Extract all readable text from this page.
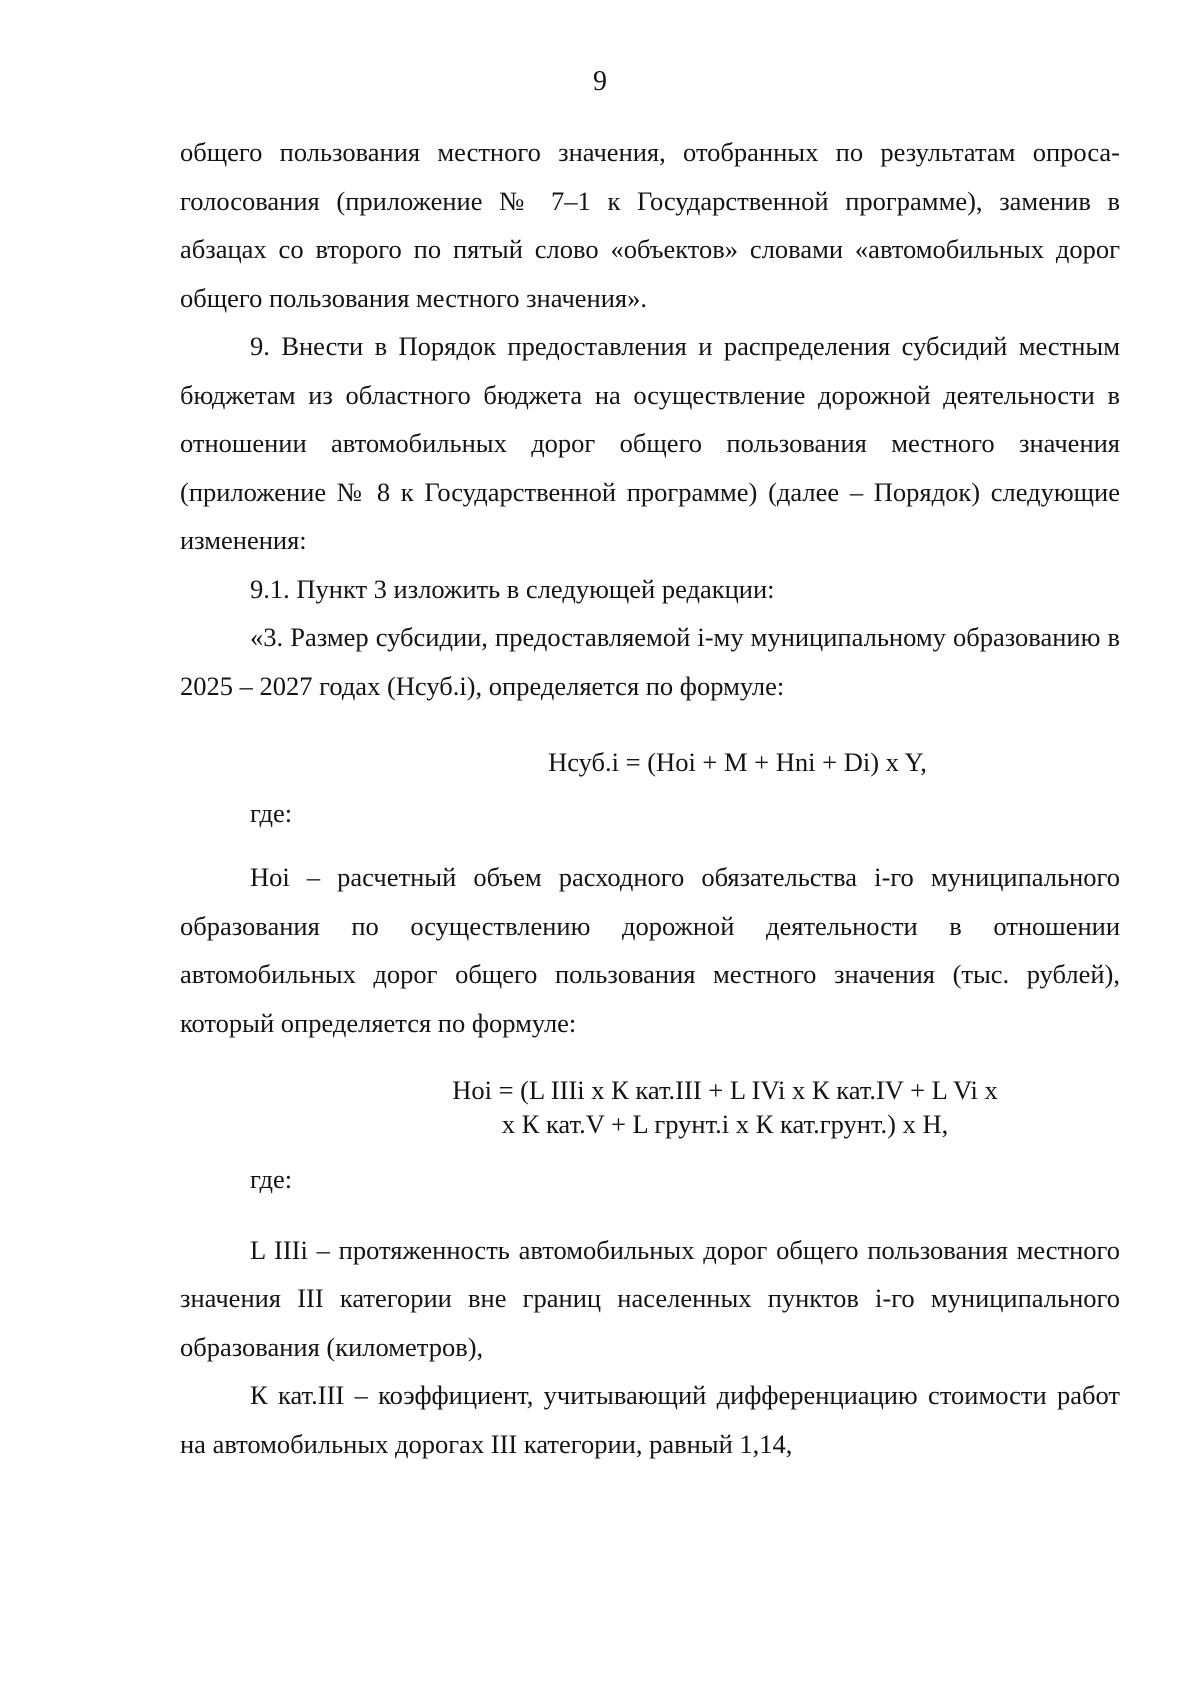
9

общего пользования местного значения, отобранных по результатам опроса-голосования (приложение № 7–1 к Государственной программе), заменив в абзацах со второго по пятый слово «объектов» словами «автомобильных дорог общего пользования местного значения».

9. Внести в Порядок предоставления и распределения субсидий местным бюджетам из областного бюджета на осуществление дорожной деятельности в отношении автомобильных дорог общего пользования местного значения (приложение № 8 к Государственной программе) (далее – Порядок) следующие изменения:

9.1. Пункт 3 изложить в следующей редакции:

«3. Размер субсидии, предоставляемой i-му муниципальному образованию в 2025 – 2027 годах (Нсуб.i), определяется по формуле:

Нсуб.i = (Ноi + М + Нni + Di) x Y,

где:

Ноi – расчетный объем расходного обязательства i-го муниципального образования по осуществлению дорожной деятельности в отношении автомобильных дорог общего пользования местного значения (тыс. рублей), который определяется по формуле:

Ноi = (L IIIi x К кат.III + L IVi x К кат.IV + L Vi x
x К кат.V + L грунт.i x К кат.грунт.) x Н,

где:

L IIIi – протяженность автомобильных дорог общего пользования местного значения III категории вне границ населенных пунктов i-го муниципального образования (километров),

К кат.III – коэффициент, учитывающий дифференциацию стоимости работ на автомобильных дорогах III категории, равный 1,14,
